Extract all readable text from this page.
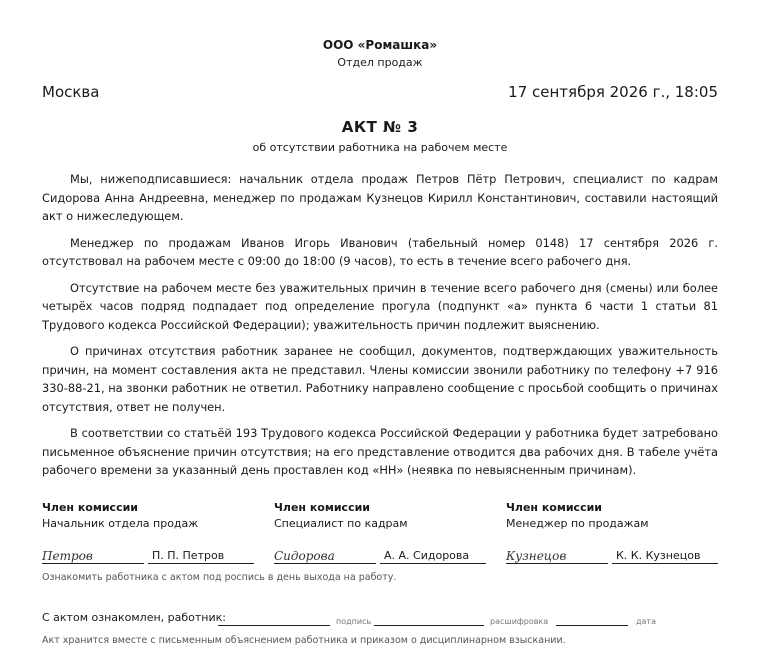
ООО «Ромашка»
Отдел продаж
Москва	17 сентября 2026 г., 18:05
АКТ № 3
об отсутствии работника на рабочем месте

Мы, нижеподписавшиеся: начальник отдела продаж Петров Пётр Петрович, специалист по кадрам Сидорова Анна Андреевна, менеджер по продажам Кузнецов Кирилл Константинович, составили настоящий акт о нижеследующем.

Менеджер по продажам Иванов Игорь Иванович (табельный номер 0148) 17 сентября 2026 г. отсутствовал на рабочем месте с 09:00 до 18:00 (9 часов), то есть в течение всего рабочего дня.

Отсутствие на рабочем месте без уважительных причин в течение всего рабочего дня (смены) или более четырёх часов подряд подпадает под определение прогула (подпункт «а» пункта 6 части 1 статьи 81 Трудового кодекса Российской Федерации); уважительность причин подлежит выяснению.

О причинах отсутствия работник заранее не сообщил, документов, подтверждающих уважительность причин, на момент составления акта не представил. Члены комиссии звонили работнику по телефону +7 916 330-88-21, на звонки работник не ответил. Работнику направлено сообщение с просьбой сообщить о причинах отсутствия, ответ не получен.

В соответствии со статьёй 193 Трудового кодекса Российской Федерации у работника будет затребовано письменное объяснение причин отсутствия; на его представление отводится два рабочих дня. В табеле учёта рабочего времени за указанный день проставлен код «НН» (неявка по невыясненным причинам).

Член комиссии
Начальник отдела продаж
Петров	П. П. Петров
Член комиссии
Специалист по кадрам
Сидорова	А. А. Сидорова
Член комиссии
Менеджер по продажам
Кузнецов	К. К. Кузнецов
Ознакомить работника с актом под роспись в день выхода на работу.
С актом ознакомлен, работник:	подпись	расшифровка	дата
Акт хранится вместе с письменным объяснением работника и приказом о дисциплинарном взыскании.
